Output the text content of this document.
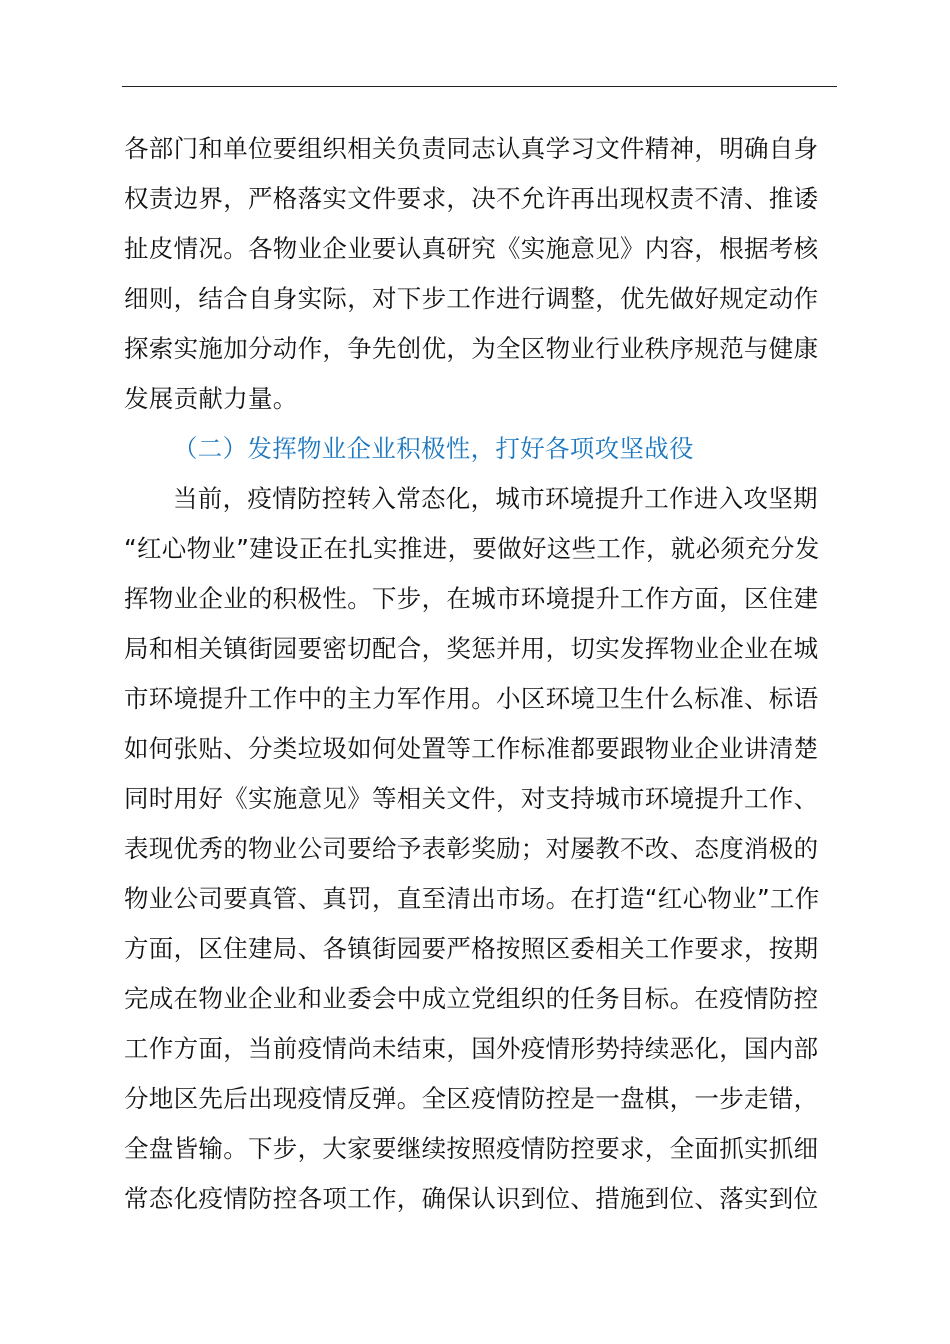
各部门和单位要组织相关负责同志认真学习文件精神，明确自身
权责边界，严格落实文件要求，决不允许再出现权责不清、推诿
扯皮情况。各物业企业要认真研究《实施意见》内容，根据考核
细则，结合自身实际，对下步工作进行调整，优先做好规定动作
探索实施加分动作，争先创优，为全区物业行业秩序规范与健康
发展贡献力量。
（二）发挥物业企业积极性，打好各项攻坚战役
当前，疫情防控转入常态化，城市环境提升工作进入攻坚期
“红心物业”建设正在扎实推进，要做好这些工作，就必须充分发
挥物业企业的积极性。下步，在城市环境提升工作方面，区住建
局和相关镇街园要密切配合，奖惩并用，切实发挥物业企业在城
市环境提升工作中的主力军作用。小区环境卫生什么标准、标语
如何张贴、分类垃圾如何处置等工作标准都要跟物业企业讲清楚
同时用好《实施意见》等相关文件，对支持城市环境提升工作、
表现优秀的物业公司要给予表彰奖励；对屡教不改、态度消极的
物业公司要真管、真罚，直至清出市场。在打造“红心物业”工作
方面，区住建局、各镇街园要严格按照区委相关工作要求，按期
完成在物业企业和业委会中成立党组织的任务目标。在疫情防控
工作方面，当前疫情尚未结束，国外疫情形势持续恶化，国内部
分地区先后出现疫情反弹。全区疫情防控是一盘棋，一步走错，
全盘皆输。下步，大家要继续按照疫情防控要求，全面抓实抓细
常态化疫情防控各项工作，确保认识到位、措施到位、落实到位
